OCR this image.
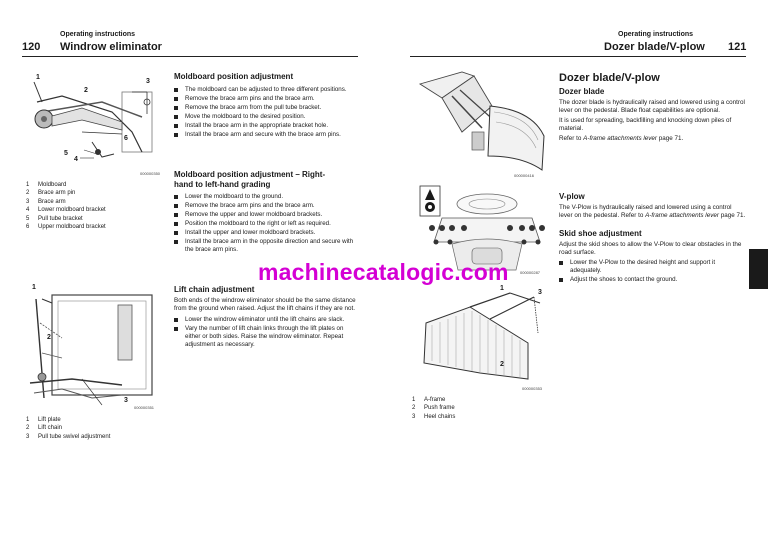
Operating instructions
120 Windrow eliminator
1
2
3
4
5
6
000000350
1	Moldboard
2	Brace arm pin
3	Brace arm
4	Lower moldboard bracket
5	Pull tube bracket
6	Upper moldboard bracket
1
2
3
000000351
1	Lift plate
2	Lift chain
3	Pull tube swivel adjustment
Moldboard position adjustment
The moldboard can be adjusted to three different positions.
Remove the brace arm pins and the brace arm.
Remove the brace arm from the pull tube bracket.
Move the moldboard to the desired position.
Install the brace arm in the appropriate bracket hole.
Install the brace arm and secure with the brace arm pins.
Moldboard position adjustment – Right-
hand to left-hand grading
Lower the moldboard to the ground.
Remove the brace arm pins and the brace arm.
Remove the upper and lower moldboard brackets.
Position the moldboard to the right or left as required.
Install the upper and lower moldboard brackets.
Install the brace arm in the opposite direction and secure with the brace arm pins.
Lift chain adjustment
Both ends of the windrow eliminator should be the same distance from the ground when raised. Adjust the lift chains if they are not.
Lower the windrow eliminator until the lift chains are slack.
Vary the number of lift chain links through the lift plates on either or both sides. Raise the windrow eliminator. Repeat adjustment as necessary.
Operating instructions
Dozer blade/V-plow 121
000000416
000000287
1
3
2
000000353
1	A-frame
2	Push frame
3	Heel chains
Dozer blade/V-plow
Dozer blade
The dozer blade is hydraulically raised and lowered using a control lever on the pedestal. Blade float capabilities are optional.
It is used for spreading, backfilling and knocking down piles of material.
Refer to A-frame attachments lever page 71.
V-plow
The V-Plow is hydraulically raised and lowered using a control lever on the pedestal. Refer to A-frame attachments lever page 71.
Skid shoe adjustment
Adjust the skid shoes to allow the V-Plow to clear obstacles in the road surface.
Lower the V-Plow to the desired height and support it adequately.
Adjust the shoes to contact the ground.
machinecatalogic.com
